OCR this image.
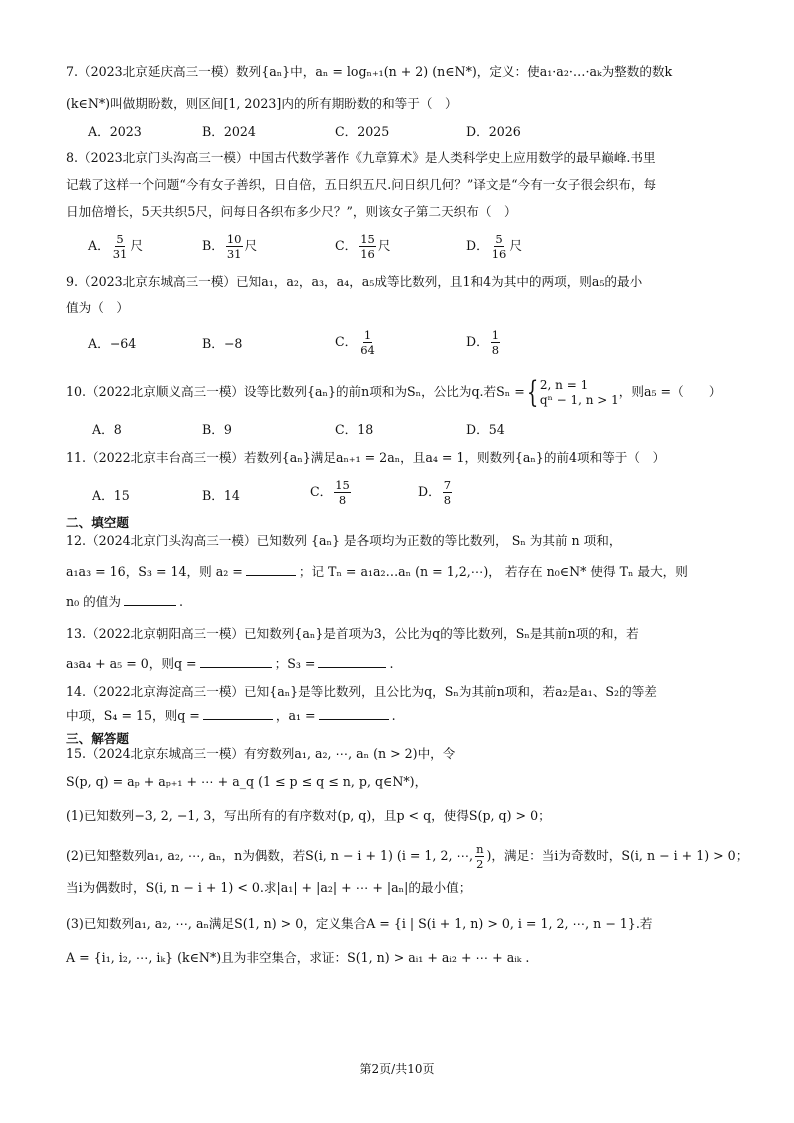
7.（2023北京延庆高三一模）数列{aₙ}中，aₙ = logₙ₊₁(n + 2) (n∈N*)，定义：使a₁·a₂·…·aₖ为整数的数k
(k∈N*)叫做期盼数，则区间[1, 2023]内的所有期盼数的和等于（　）
A．2023	B．2024	C．2025	D．2026
8.（2023北京门头沟高三一模）中国古代数学著作《九章算术》是人类科学史上应用数学的最早巅峰.书里
记载了这样一个问题“今有女子善织，日自倍，五日织五尺.问日织几何？”译文是“今有一女子很会织布，每
日加倍增长，5天共织5尺，问每日各织布多少尺？”，则该女子第二天织布（　）
A． $\frac{5}{31}$ 尺	B． $\frac{10}{31}$ 尺	C． $\frac{15}{16}$ 尺	D． $\frac{5}{16}$ 尺
9.（2023北京东城高三一模）已知a₁，a₂，a₃，a₄，a₅成等比数列，且1和4为其中的两项，则a₅的最小
值为（　）
A．−64	B．−8	C． $\frac{1}{64}$	D． $\frac{1}{8}$
10.（2022北京顺义高三一模）设等比数列{aₙ}的前n项和为Sₙ，公比为q.若Sₙ ={ 2, n = 1
qⁿ − 1, n > 1
，则a₅ =（　　）
A．8	B．9	C．18	D．54
11.（2022北京丰台高三一模）若数列{aₙ}满足aₙ₊₁ = 2aₙ，且a₄ = 1，则数列{aₙ}的前4项和等于（　）
A．15	B．14	C． $\frac{15}{8}$	D． $\frac{7}{8}$
二、填空题
12.（2024北京门头沟高三一模）已知数列 {aₙ} 是各项均为正数的等比数列， Sₙ 为其前 n 项和，
a₁a₃ = 16，S₃ = 14，则 a₂ =	；记 Tₙ = a₁a₂…aₙ (n = 1,2,⋯)， 若存在 n₀∈N* 使得 Tₙ 最大，则
n₀ 的值为	.
13.（2022北京朝阳高三一模）已知数列{aₙ}是首项为3，公比为q的等比数列，Sₙ是其前n项的和，若
a₃a₄ + a₅ = 0，则q =	；S₃ =	.
14.（2022北京海淀高三一模）已知{aₙ}是等比数列，且公比为q，Sₙ为其前n项和，若a₂是a₁、S₂的等差
中项，S₄ = 15，则q =	，a₁ =	.
三、解答题
15.（2024北京东城高三一模）有穷数列a₁, a₂, ⋯, aₙ (n > 2)中，令
S(p, q) = aₚ + aₚ₊₁ + ⋯ + a_q (1 ≤ p ≤ q ≤ n, p, q∈N*)，
(1)已知数列−3, 2, −1, 3，写出所有的有序数对(p, q)，且p < q，使得S(p, q) > 0；
(2)已知整数列a₁, a₂, ⋯, aₙ，n为偶数，若S(i, n − i + 1) (i = 1, 2, ⋯, $\frac{n}{2}$ )，满足：当i为奇数时，S(i, n − i + 1) > 0；
当i为偶数时，S(i, n − i + 1) < 0.求|a₁| + |a₂| + ⋯ + |aₙ|的最小值；
(3)已知数列a₁, a₂, ⋯, aₙ满足S(1, n) > 0，定义集合A = {i | S(i + 1, n) > 0, i = 1, 2, ⋯, n − 1}.若
A = {i₁, i₂, ⋯, iₖ} (k∈N*)且为非空集合，求证：S(1, n) > aᵢ₁ + aᵢ₂ + ⋯ + aᵢₖ .
第2页/共10页
